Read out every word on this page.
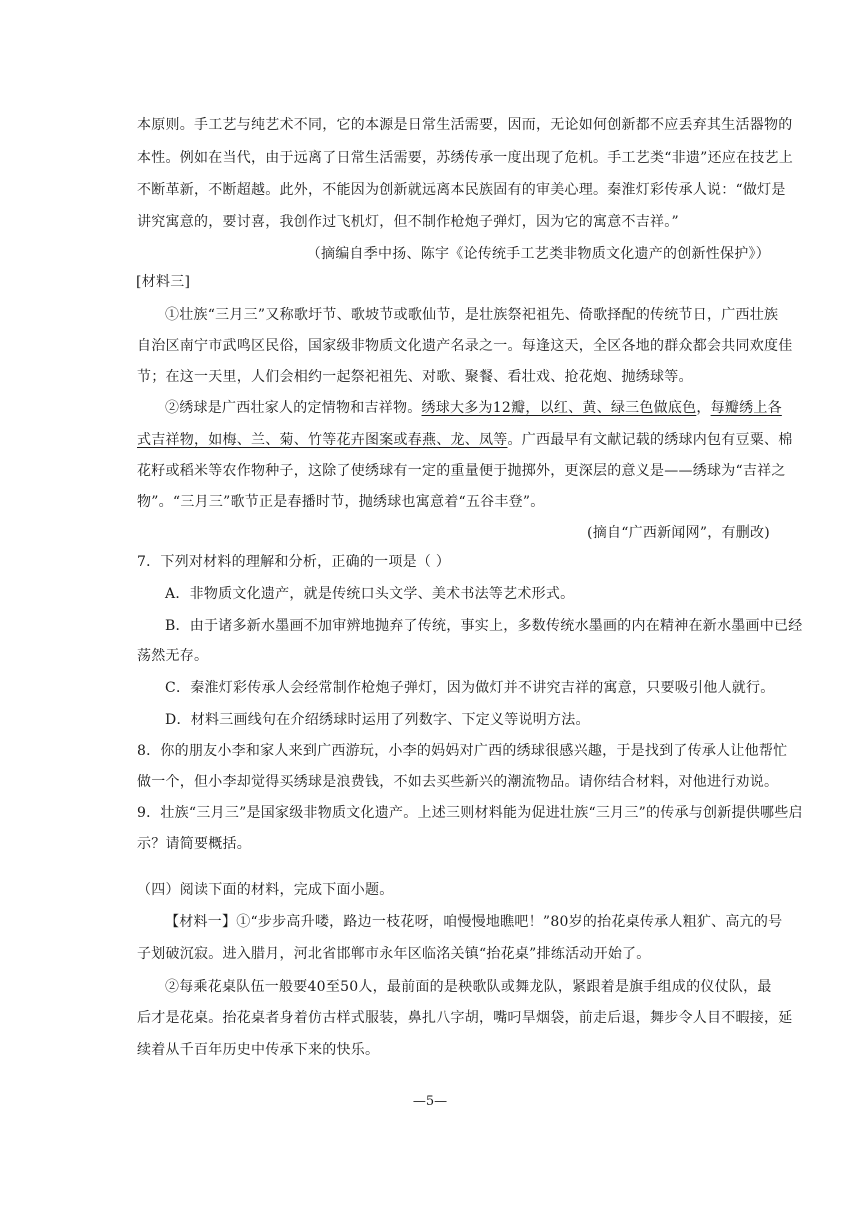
本原则。手工艺与纯艺术不同，它的本源是日常生活需要，因而，无论如何创新都不应丢弃其生活器物的
本性。例如在当代，由于远离了日常生活需要，苏绣传承一度出现了危机。手工艺类“非遗”还应在技艺上
不断革新，不断超越。此外，不能因为创新就远离本民族固有的审美心理。秦淮灯彩传承人说：“做灯是
讲究寓意的，要讨喜，我创作过飞机灯，但不制作枪炮子弹灯，因为它的寓意不吉祥。”
（摘编自季中扬、陈宇《论传统手工艺类非物质文化遗产的创新性保护》）
[材料三]
①壮族“三月三”又称歌圩节、歌坡节或歌仙节，是壮族祭祀祖先、倚歌择配的传统节日，广西壮族
自治区南宁市武鸣区民俗，国家级非物质文化遗产名录之一。每逢这天，全区各地的群众都会共同欢度佳
节；在这一天里，人们会相约一起祭祀祖先、对歌、聚餐、看壮戏、抢花炮、抛绣球等。
②绣球是广西壮家人的定情物和吉祥物。绣球大多为12瓣，以红、黄、绿三色做底色，每瓣绣上各
式吉祥物，如梅、兰、菊、竹等花卉图案或春燕、龙、凤等。广西最早有文献记载的绣球内包有豆粟、棉
花籽或稻米等农作物种子，这除了使绣球有一定的重量便于抛掷外，更深层的意义是——绣球为“吉祥之
物”。“三月三”歌节正是春播时节，抛绣球也寓意着“五谷丰登”。
(摘自“广西新闻网”，有删改)
7．下列对材料的理解和分析，正确的一项是（ ）
A．非物质文化遗产，就是传统口头文学、美术书法等艺术形式。
B．由于诸多新水墨画不加审辨地抛弃了传统，事实上，多数传统水墨画的内在精神在新水墨画中已经
荡然无存。
C．秦淮灯彩传承人会经常制作枪炮子弹灯，因为做灯并不讲究吉祥的寓意，只要吸引他人就行。
D．材料三画线句在介绍绣球时运用了列数字、下定义等说明方法。
8．你的朋友小李和家人来到广西游玩，小李的妈妈对广西的绣球很感兴趣，于是找到了传承人让他帮忙
做一个，但小李却觉得买绣球是浪费钱，不如去买些新兴的潮流物品。请你结合材料，对他进行劝说。
9．壮族“三月三”是国家级非物质文化遗产。上述三则材料能为促进壮族“三月三”的传承与创新提供哪些启
示？请简要概括。
（四）阅读下面的材料，完成下面小题。
【材料一】①“步步高升喽，路边一枝花呀，咱慢慢地瞧吧！”80岁的抬花桌传承人粗犷、高亢的号
子划破沉寂。进入腊月，河北省邯郸市永年区临洺关镇“抬花桌”排练活动开始了。
②每乘花桌队伍一般要40至50人，最前面的是秧歌队或舞龙队，紧跟着是旗手组成的仪仗队，最
后才是花桌。抬花桌者身着仿古样式服装，鼻扎八字胡，嘴叼旱烟袋，前走后退，舞步令人目不暇接，延
续着从千百年历史中传承下来的快乐。
—5—
